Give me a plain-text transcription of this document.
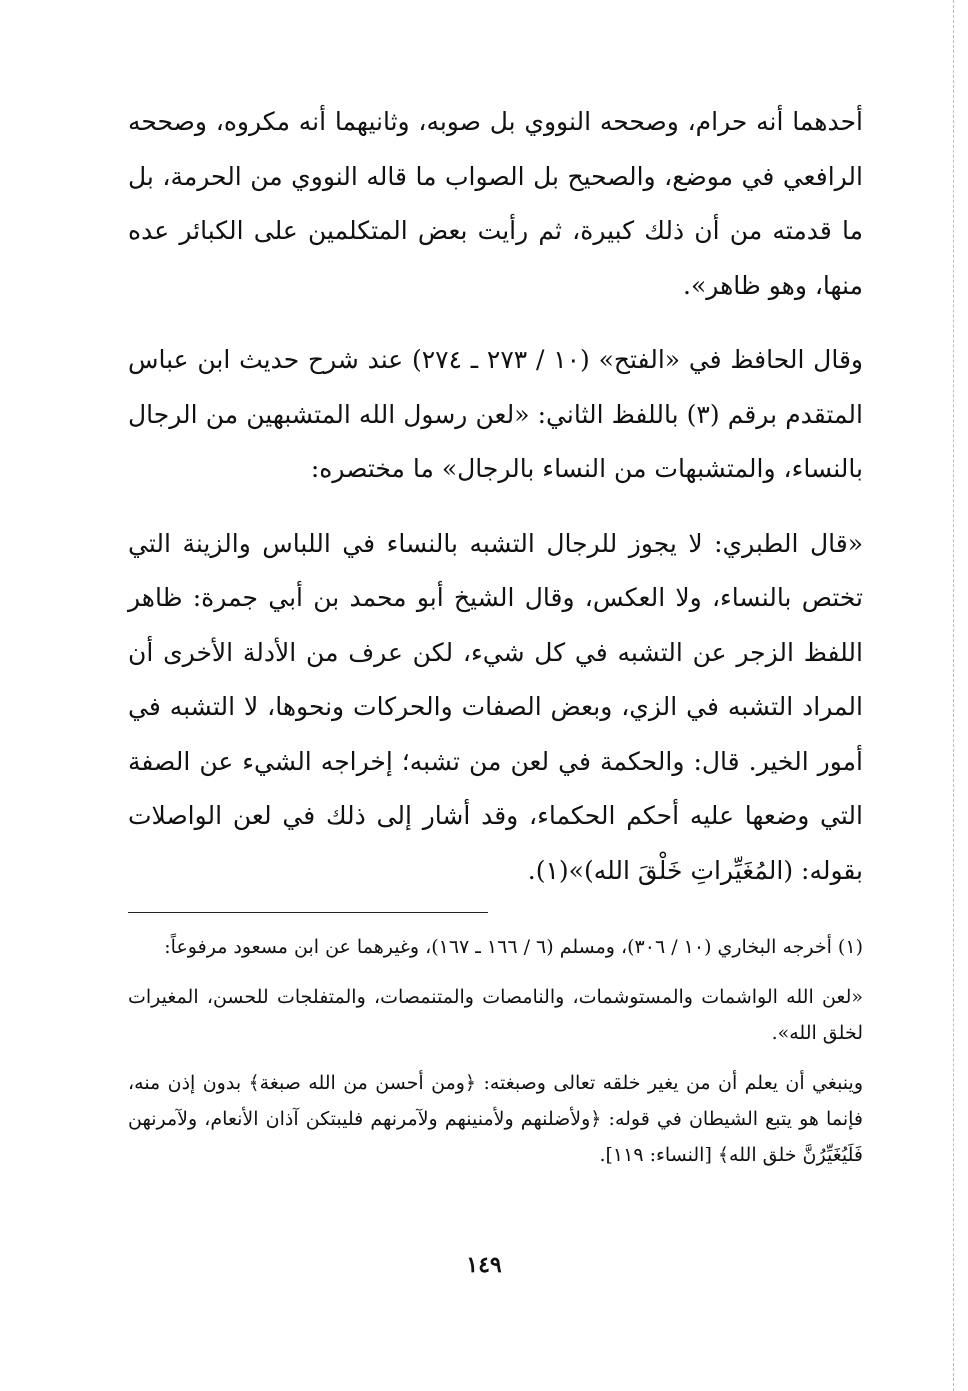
أحدهما أنه حرام، وصححه النووي بل صوبه، وثانيهما أنه مكروه، وصححه الرافعي في موضع، والصحيح بل الصواب ما قاله النووي من الحرمة، بل ما قدمته من أن ذلك كبيرة، ثم رأيت بعض المتكلمين على الكبائر عده منها، وهو ظاهر».

وقال الحافظ في «الفتح» (١٠ / ٢٧٣ ـ ٢٧٤) عند شرح حديث ابن عباس المتقدم برقم (٣) باللفظ الثاني: «لعن رسول الله المتشبهين من الرجال بالنساء، والمتشبهات من النساء بالرجال» ما مختصره:

«قال الطبري: لا يجوز للرجال التشبه بالنساء في اللباس والزينة التي تختص بالنساء، ولا العكس، وقال الشيخ أبو محمد بن أبي جمرة: ظاهر اللفظ الزجر عن التشبه في كل شيء، لكن عرف من الأدلة الأخرى أن المراد التشبه في الزي، وبعض الصفات والحركات ونحوها، لا التشبه في أمور الخير. قال: والحكمة في لعن من تشبه؛ إخراجه الشيء عن الصفة التي وضعها عليه أحكم الحكماء، وقد أشار إلى ذلك في لعن الواصلات بقوله: (المُغَيِّراتِ خَلْقَ الله)»(١).

(١) أخرجه البخاري (١٠ / ٣٠٦)، ومسلم (٦ / ١٦٦ ـ ١٦٧)، وغيرهما عن ابن مسعود مرفوعاً:

«لعن الله الواشمات والمستوشمات، والنامصات والمتنمصات، والمتفلجات للحسن، المغيرات لخلق الله».

وينبغي أن يعلم أن من يغير خلقه تعالى وصبغته: ﴿ومن أحسن من الله صبغة﴾ بدون إذن منه، فإنما هو يتبع الشيطان في قوله: ﴿ولأضلنهم ولأمنينهم ولآمرنهم فليبتكن آذان الأنعام، ولآمرنهن فَلَيُغَيِّرُنَّ خلق الله﴾ [النساء: ١١٩].

١٤٩
